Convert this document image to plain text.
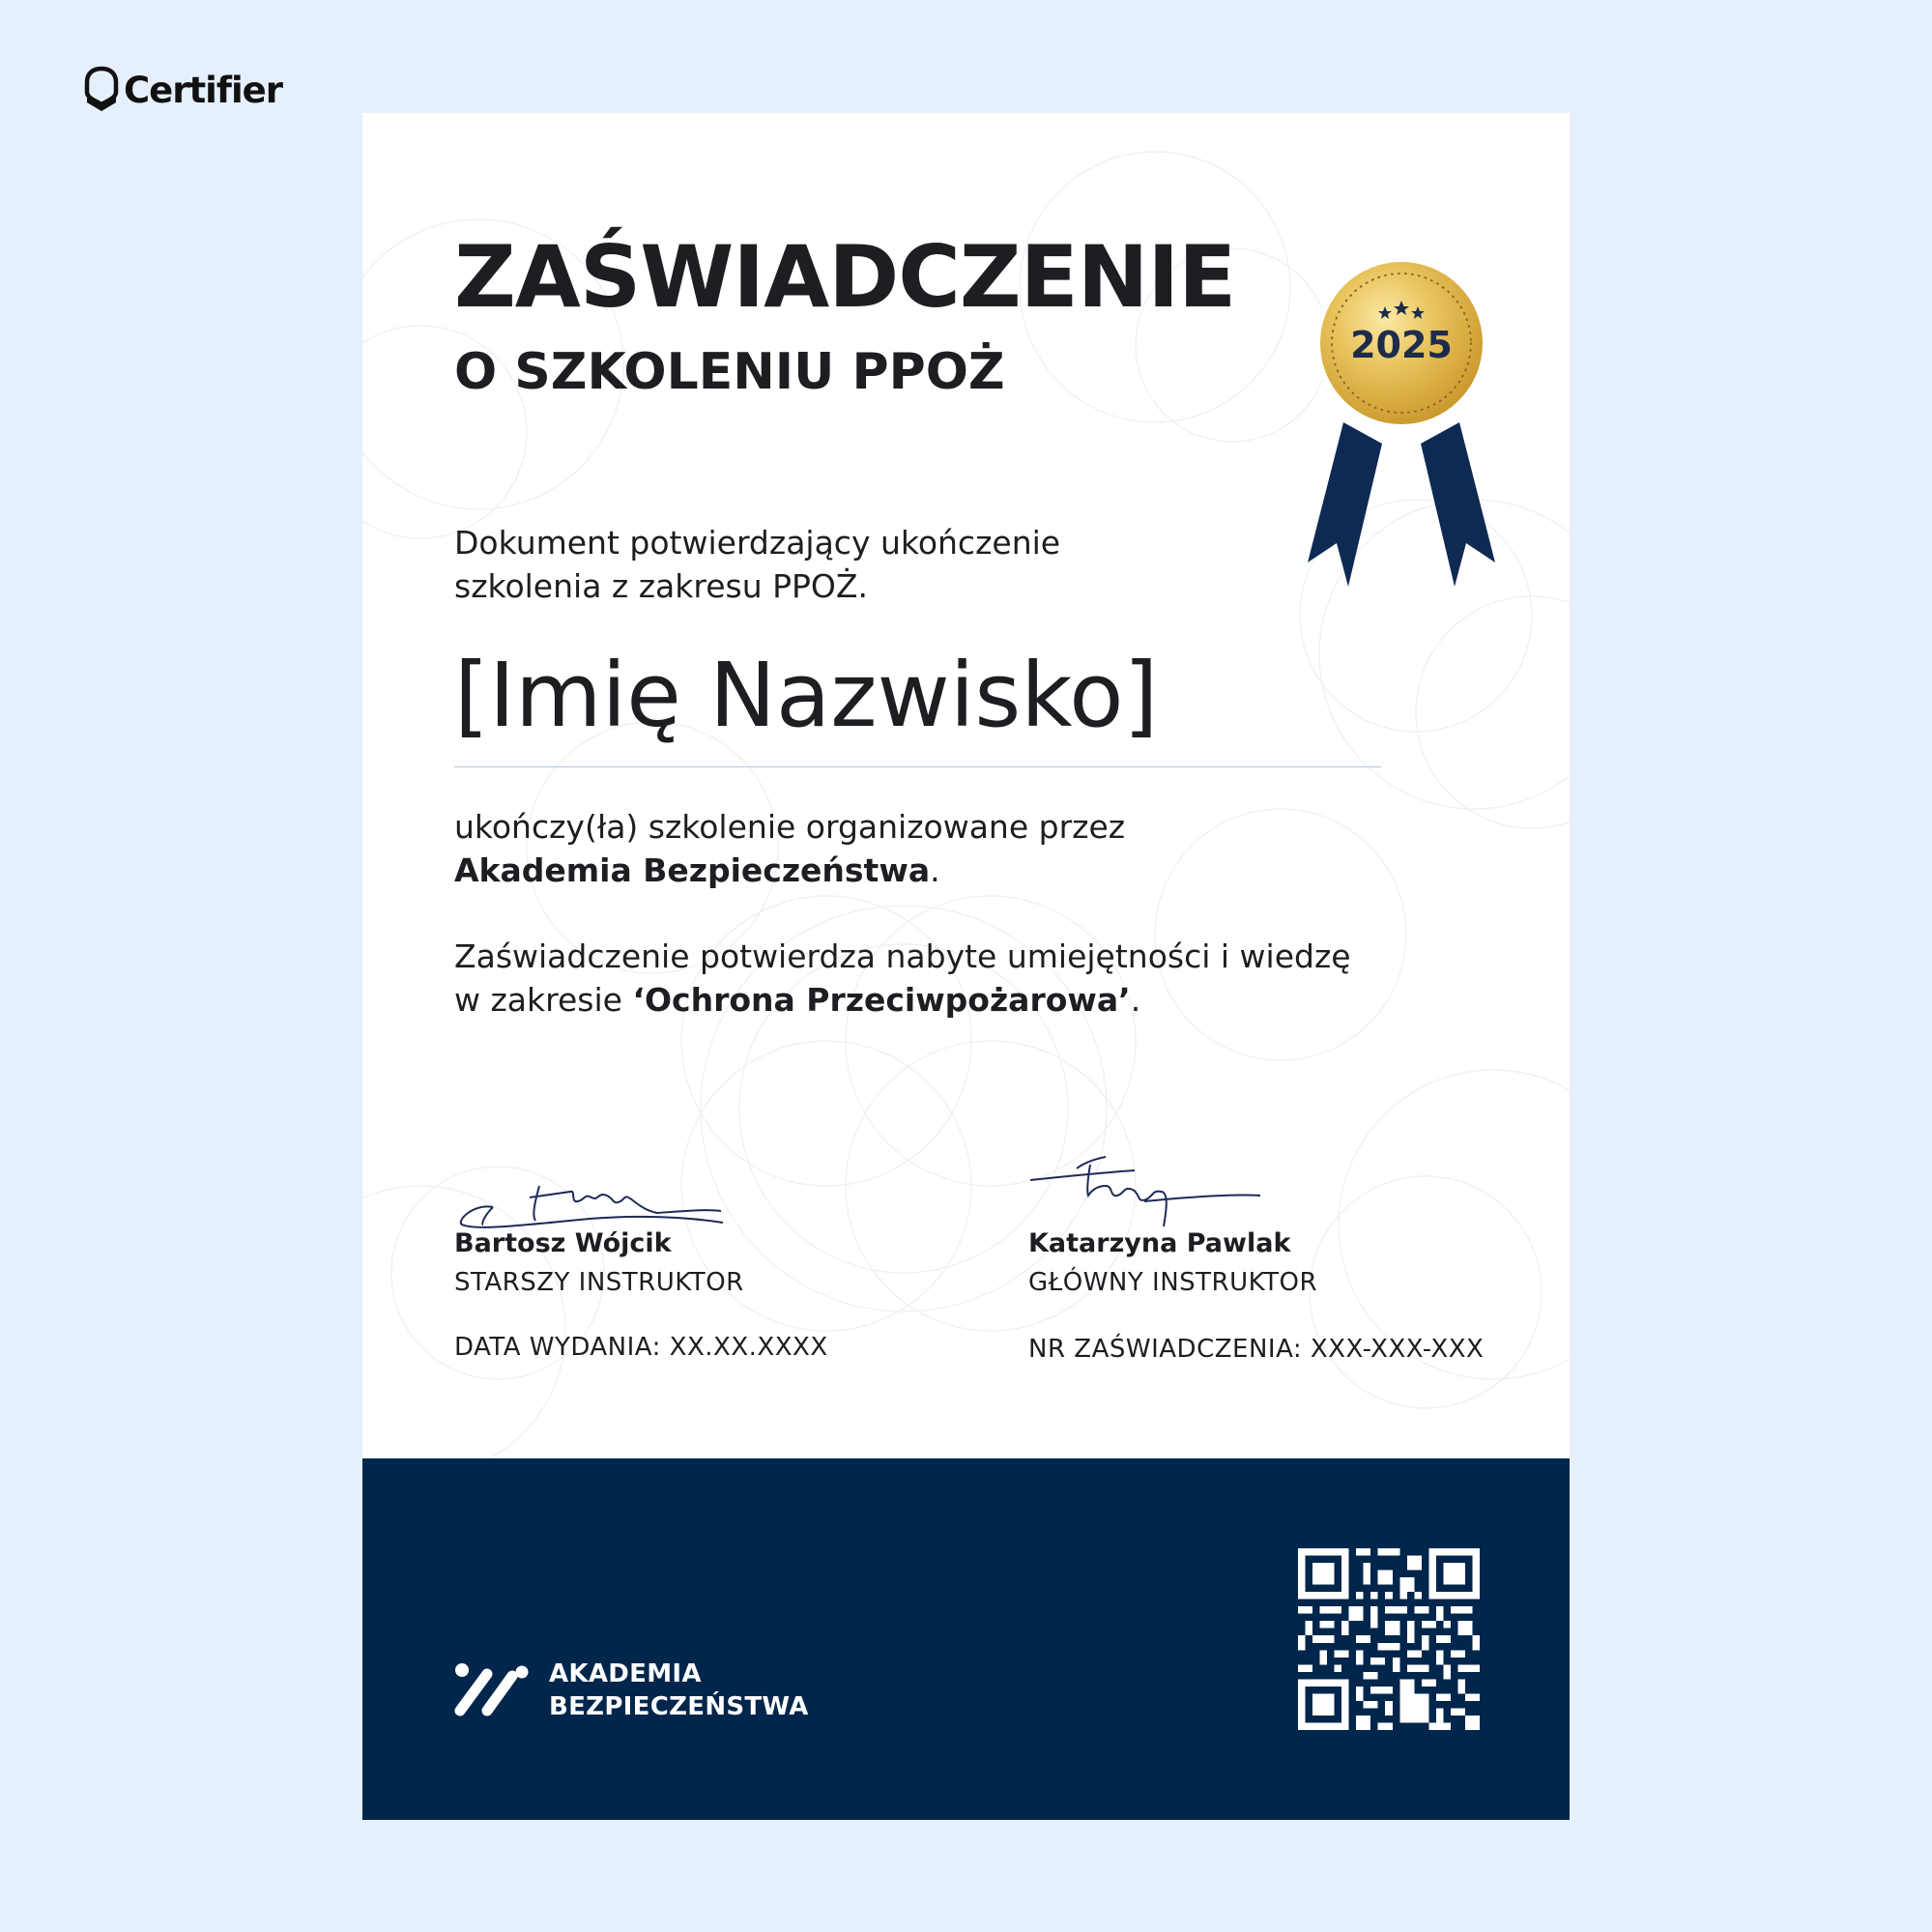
Certifier
ZAŚWIADCZENIE
O SZKOLENIU PPOŻ

Dokument potwierdzający ukończenie
szkolenia z zakresu PPOŻ.

[Imię Nazwisko]

ukończy(ła) szkolenie organizowane przez
Akademia Bezpieczeństwa.

Zaświadczenie potwierdza nabyte umiejętności i wiedzę
w zakresie ‘Ochrona Przeciwpożarowa’.

Bartosz Wójcik
STARSZY INSTRUKTOR
Katarzyna Pawlak
GŁÓWNY INSTRUKTOR
DATA WYDANIA: XX.XX.XXXX	NR ZAŚWIADCZENIA: XXX-XXX-XXX
2025
AKADEMIA
BEZPIECZEŃSTWA
